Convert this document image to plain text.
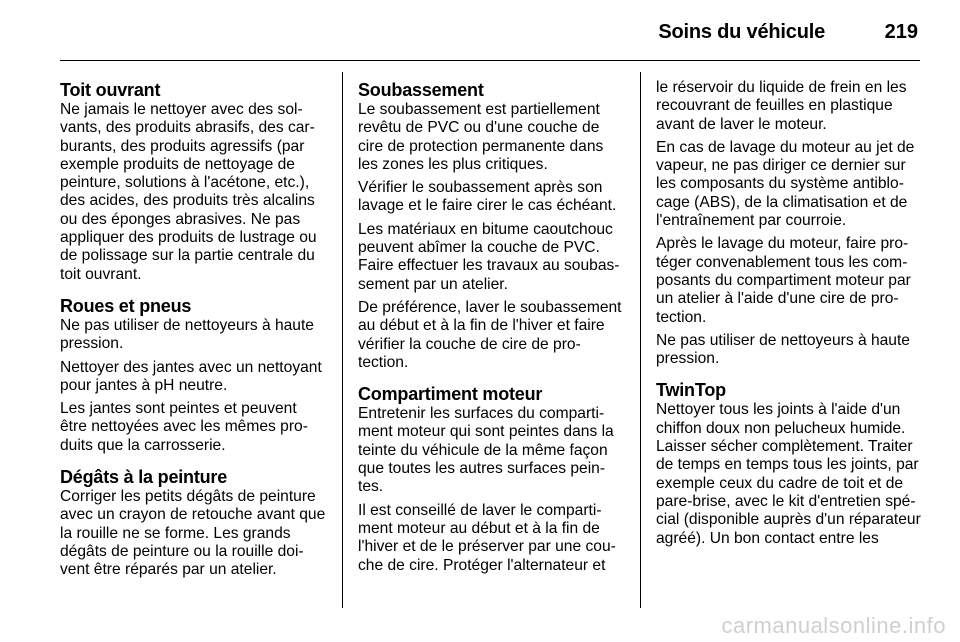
Soins du véhicule	219
Toit ouvrant

Ne jamais le nettoyer avec des solvants, des produits abrasifs, des carburants, des produits agressifs (par exemple produits de nettoyage de peinture, solutions à l'acétone, etc.), des acides, des produits très alcalins ou des éponges abrasives. Ne pas appliquer des produits de lustrage ou de polissage sur la partie centrale du toit ouvrant.

Roues et pneus

Ne pas utiliser de nettoyeurs à haute pression.

Nettoyer des jantes avec un nettoyant pour jantes à pH neutre.

Les jantes sont peintes et peuvent être nettoyées avec les mêmes produits que la carrosserie.

Dégâts à la peinture

Corriger les petits dégâts de peinture avec un crayon de retouche avant que la rouille ne se forme. Les grands dégâts de peinture ou la rouille doivent être réparés par un atelier.

Soubassement

Le soubassement est partiellement revêtu de PVC ou d'une couche de cire de protection permanente dans les zones les plus critiques.

Vérifier le soubassement après son lavage et le faire cirer le cas échéant.

Les matériaux en bitume caoutchouc peuvent abîmer la couche de PVC. Faire effectuer les travaux au soubassement par un atelier.

De préférence, laver le soubassement au début et à la fin de l'hiver et faire vérifier la couche de cire de protection.

Compartiment moteur

Entretenir les surfaces du compartiment moteur qui sont peintes dans la teinte du véhicule de la même façon que toutes les autres surfaces peintes.

Il est conseillé de laver le compartiment moteur au début et à la fin de l'hiver et de le préserver par une couche de cire. Protéger l'alternateur et

le réservoir du liquide de frein en les recouvrant de feuilles en plastique avant de laver le moteur.

En cas de lavage du moteur au jet de vapeur, ne pas diriger ce dernier sur les composants du système antiblocage (ABS), de la climatisation et de l'entraînement par courroie.

Après le lavage du moteur, faire protéger convenablement tous les composants du compartiment moteur par un atelier à l'aide d'une cire de protection.

Ne pas utiliser de nettoyeurs à haute pression.

TwinTop

Nettoyer tous les joints à l'aide d'un chiffon doux non pelucheux humide. Laisser sécher complètement. Traiter de temps en temps tous les joints, par exemple ceux du cadre de toit et de pare-brise, avec le kit d'entretien spécial (disponible auprès d'un réparateur agréé). Un bon contact entre les

carmanualsonline.info
